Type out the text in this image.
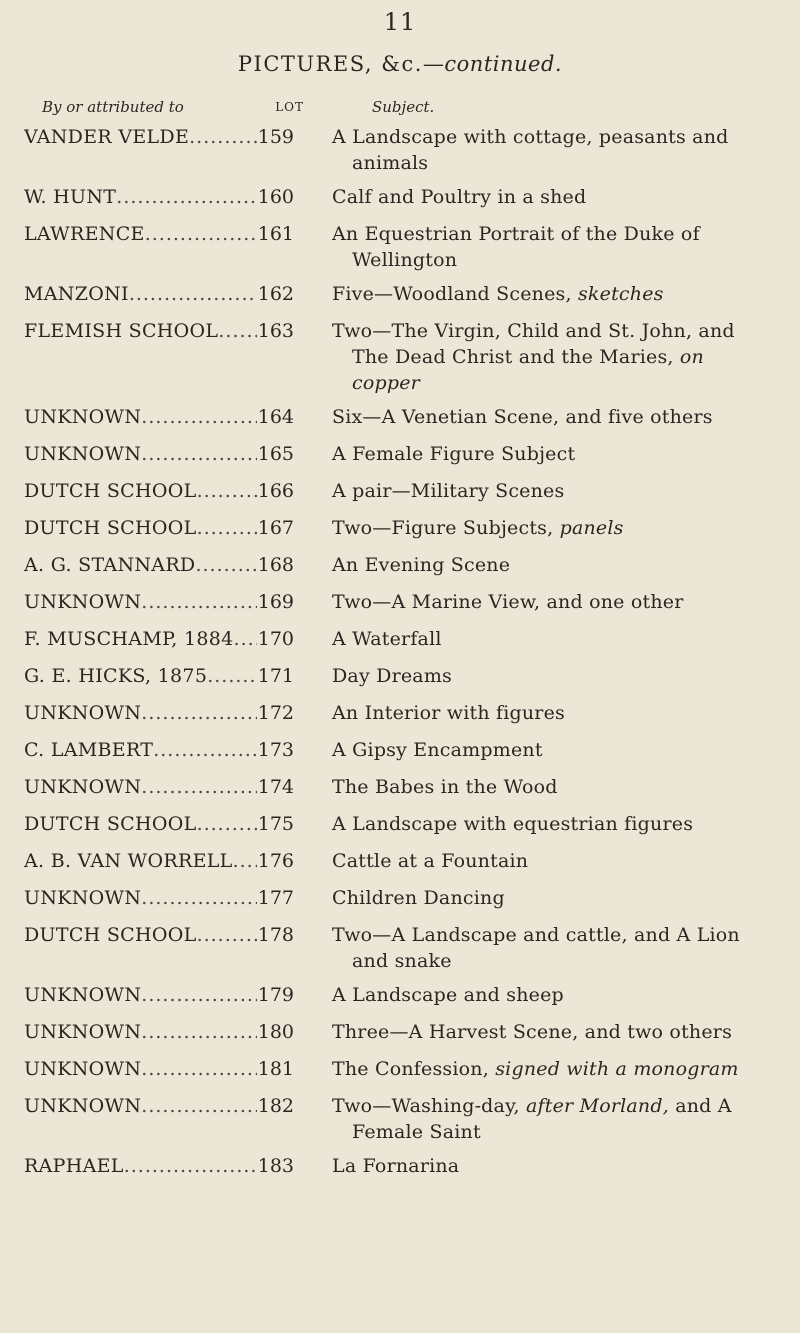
11
PICTURES, &c.—continued.
By or attributed to	LOT	Subject.
VANDER VELDE .....	159 A Landscape with cottage, peasants and
animals
W. HUNT .....	160 Calf and Poultry in a shed
LAWRENCE .....	161 An Equestrian Portrait of the Duke of
Wellington
MANZONI .....	162 Five—Woodland Scenes, sketches
FLEMISH SCHOOL ..... 163 Two—The Virgin, Child and St. John, and
The Dead Christ and the Maries, on copper
UNKNOWN .....	164 Six—A Venetian Scene, and five others
UNKNOWN .....	165 A Female Figure Subject
DUTCH SCHOOL .....	166 A pair—Military Scenes
DUTCH SCHOOL .....	167 Two—Figure Subjects, panels
A. G. STANNARD .....	168 An Evening Scene
UNKNOWN .....	169 Two—A Marine View, and one other
F. MUSCHAMP, 1884 ..... 170 A Waterfall
G. E. HICKS, 1875 .....	171 Day Dreams
UNKNOWN .....	172 An Interior with figures
C. LAMBERT .....	173 A Gipsy Encampment
UNKNOWN .....	174 The Babes in the Wood
DUTCH SCHOOL .....	175 A Landscape with equestrian figures
A. B. VAN WORRELL ..... 176 Cattle at a Fountain
UNKNOWN .....	177 Children Dancing
DUTCH SCHOOL .....	178 Two—A Landscape and cattle, and A Lion
and snake
UNKNOWN .....	179 A Landscape and sheep
UNKNOWN .....	180 Three—A Harvest Scene, and two others
UNKNOWN .....	181 The Confession, signed with a monogram
UNKNOWN .....	182 Two—Washing-day, after Morland, and A
Female Saint
RAPHAEL .....	183 La Fornarina
